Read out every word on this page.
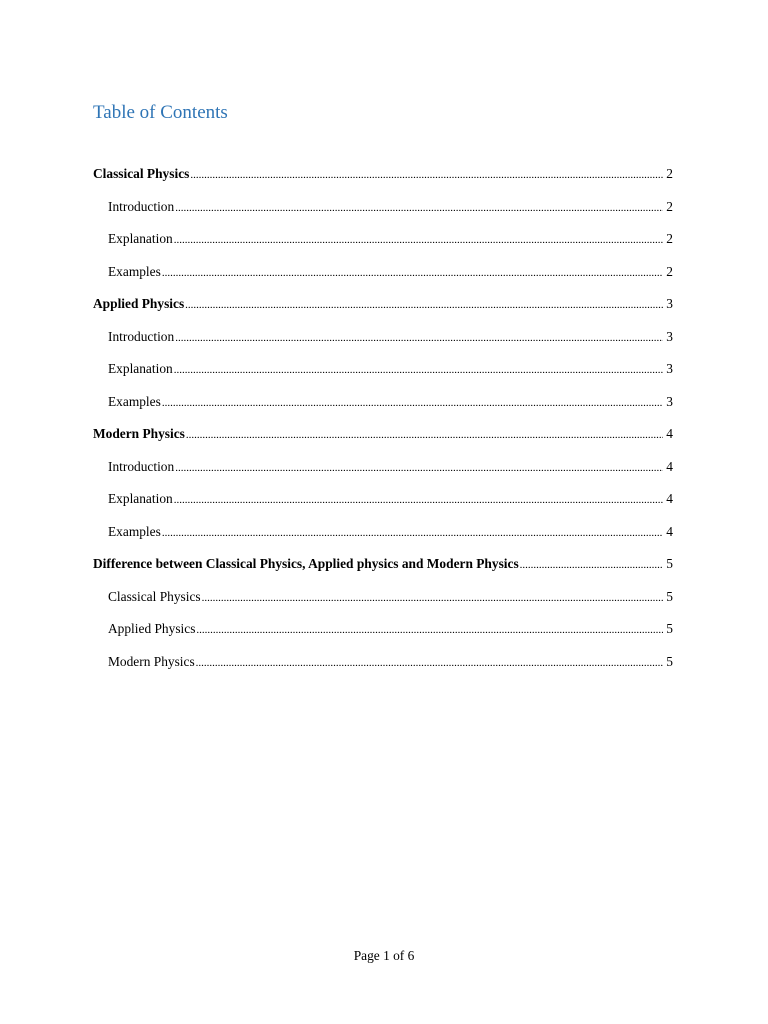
Table of Contents
Classical Physics .....	2
Introduction .....	2
Explanation .....	2
Examples .....	2
Applied Physics .....	3
Introduction .....	3
Explanation .....	3
Examples .....	3
Modern Physics .....	4
Introduction .....	4
Explanation .....	4
Examples .....	4
Difference between Classical Physics, Applied physics and Modern Physics .....	5
Classical Physics .....	5
Applied Physics .....	5
Modern Physics .....	5
Page 1 of 6
